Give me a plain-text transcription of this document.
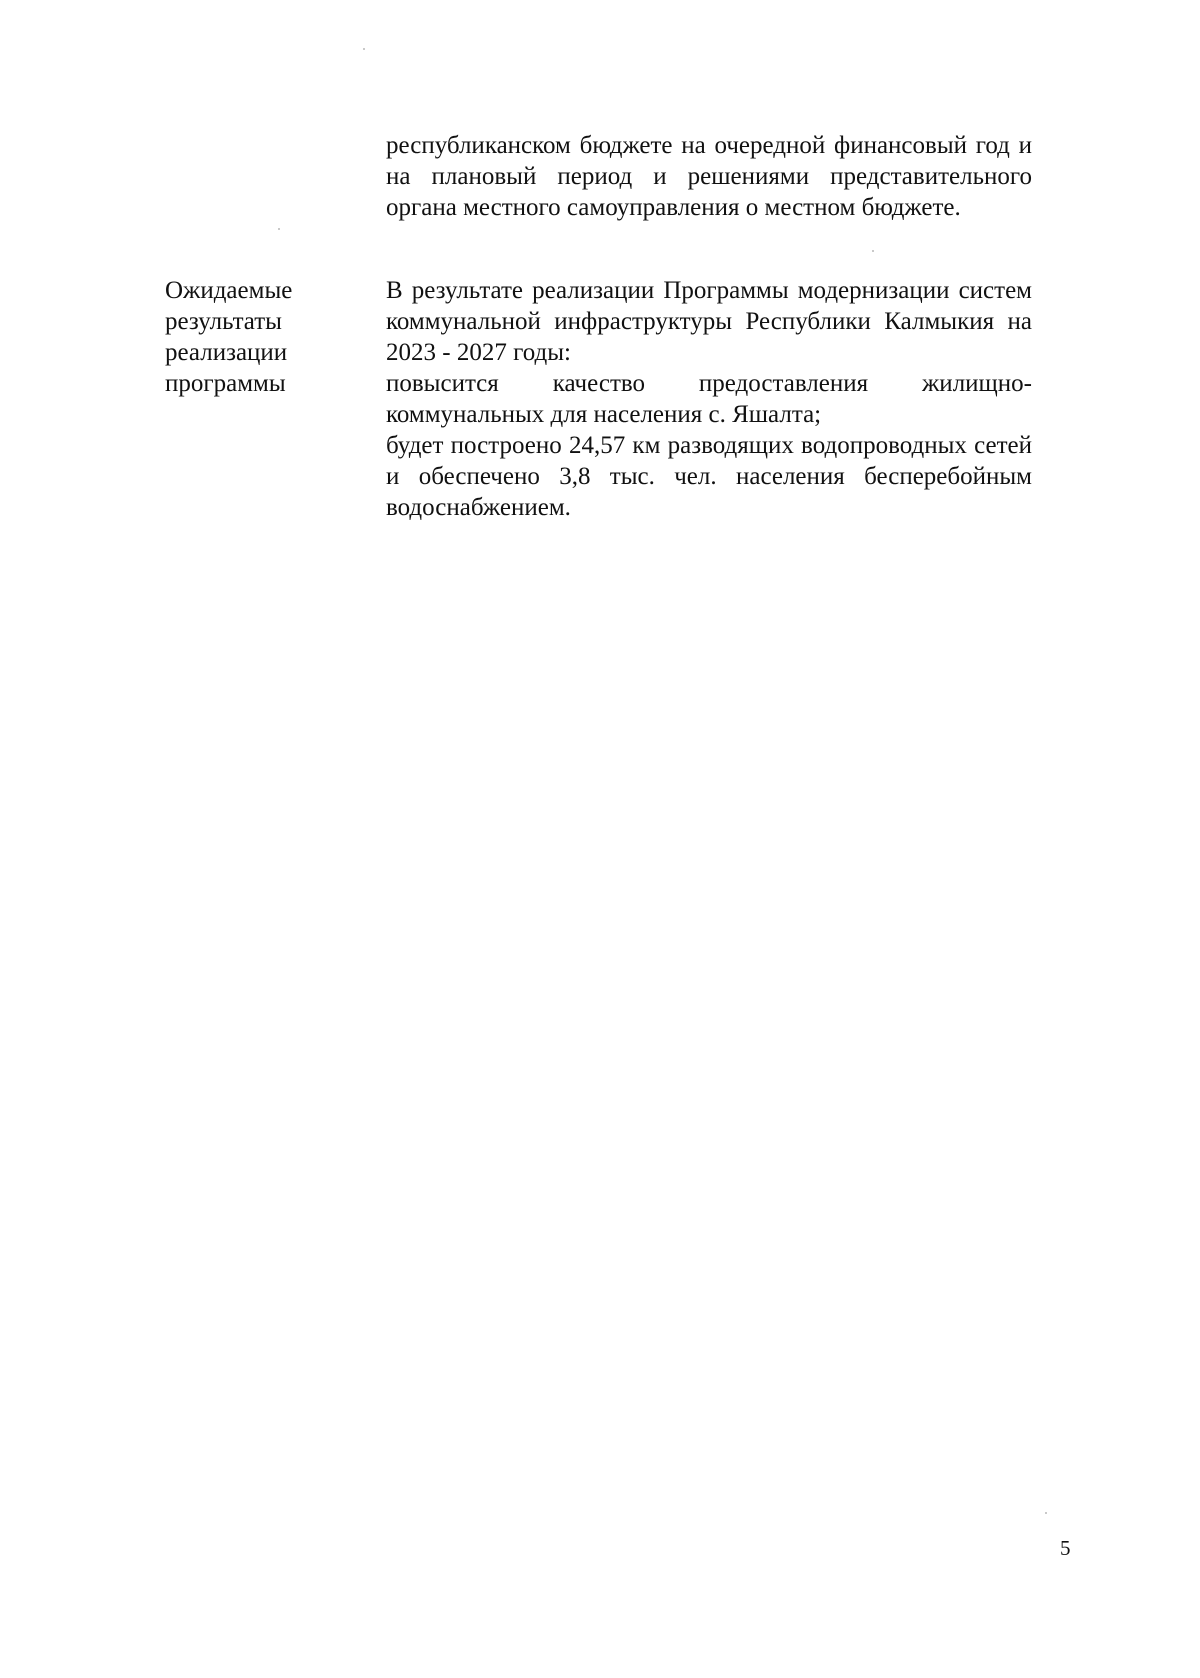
республиканском бюджете на очередной финансовый год и на плановый период и решениями представительного органа местного самоуправления о местном бюджете.

Ожидаемые
результаты
реализации
программы

В результате реализации Программы модернизации систем коммунальной инфраструктуры Республики Калмыкия на 2023 - 2027 годы:

повысится качество предоставления жилищно-коммунальных для населения с. Яшалта;

будет построено 24,57 км разводящих водопроводных сетей и обеспечено 3,8 тыс. чел. населения бесперебойным водоснабжением.

5
